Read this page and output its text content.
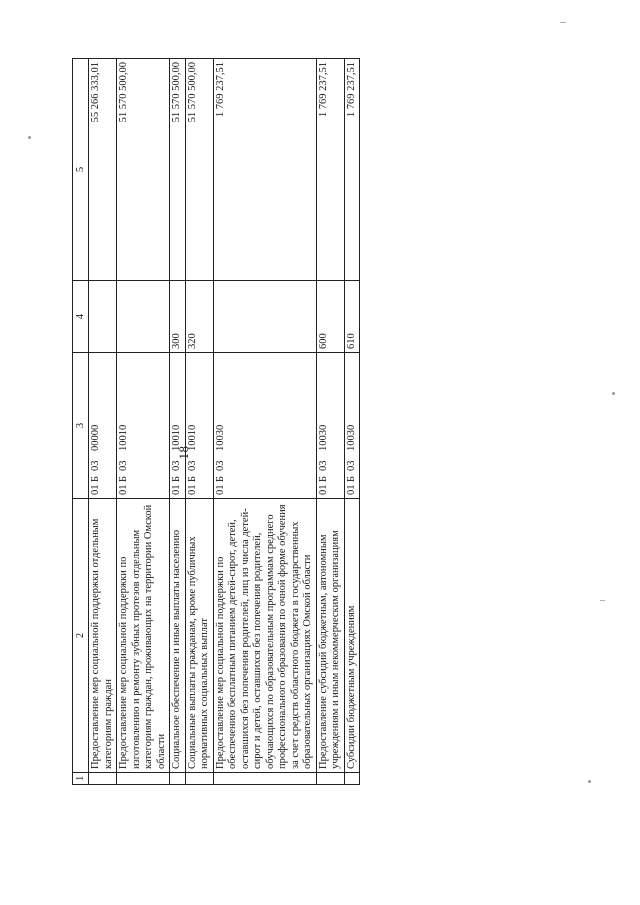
18
1	2	3	4	5
	Предоставление мер социальной поддержки отдельным категориям граждан	01Б0300000		55 266 333,01
	Предоставление мер социальной поддержки по изготовлению и ремонту зубных протезов отдельным категориям граждан, проживающих на территории Омской области	01Б0310010		51 570 500,00
	Социальное обеспечение и иные выплаты населению	01Б0310010	300	51 570 500,00
	Социальные выплаты гражданам, кроме публичных нормативных социальных выплат	01Б0310010	320	51 570 500,00
	Предоставление мер социальной поддержки по обеспечению бесплатным питанием детей-сирот, детей, оставшихся без попечения родителей, лиц из числа детей-сирот и детей, оставшихся без попечения родителей, обучающихся по образовательным программам среднего профессионального образования по очной форме обучения за счет средств областного бюджета в государственных образовательных организациях Омской области	01Б0310030		1 769 237,51
	Предоставление субсидий бюджетным, автономным учреждениям и иным некоммерческим организациям	01Б0310030	600	1 769 237,51
	Субсидии бюджетным учреждениям	01Б0310030	610	1 769 237,51
